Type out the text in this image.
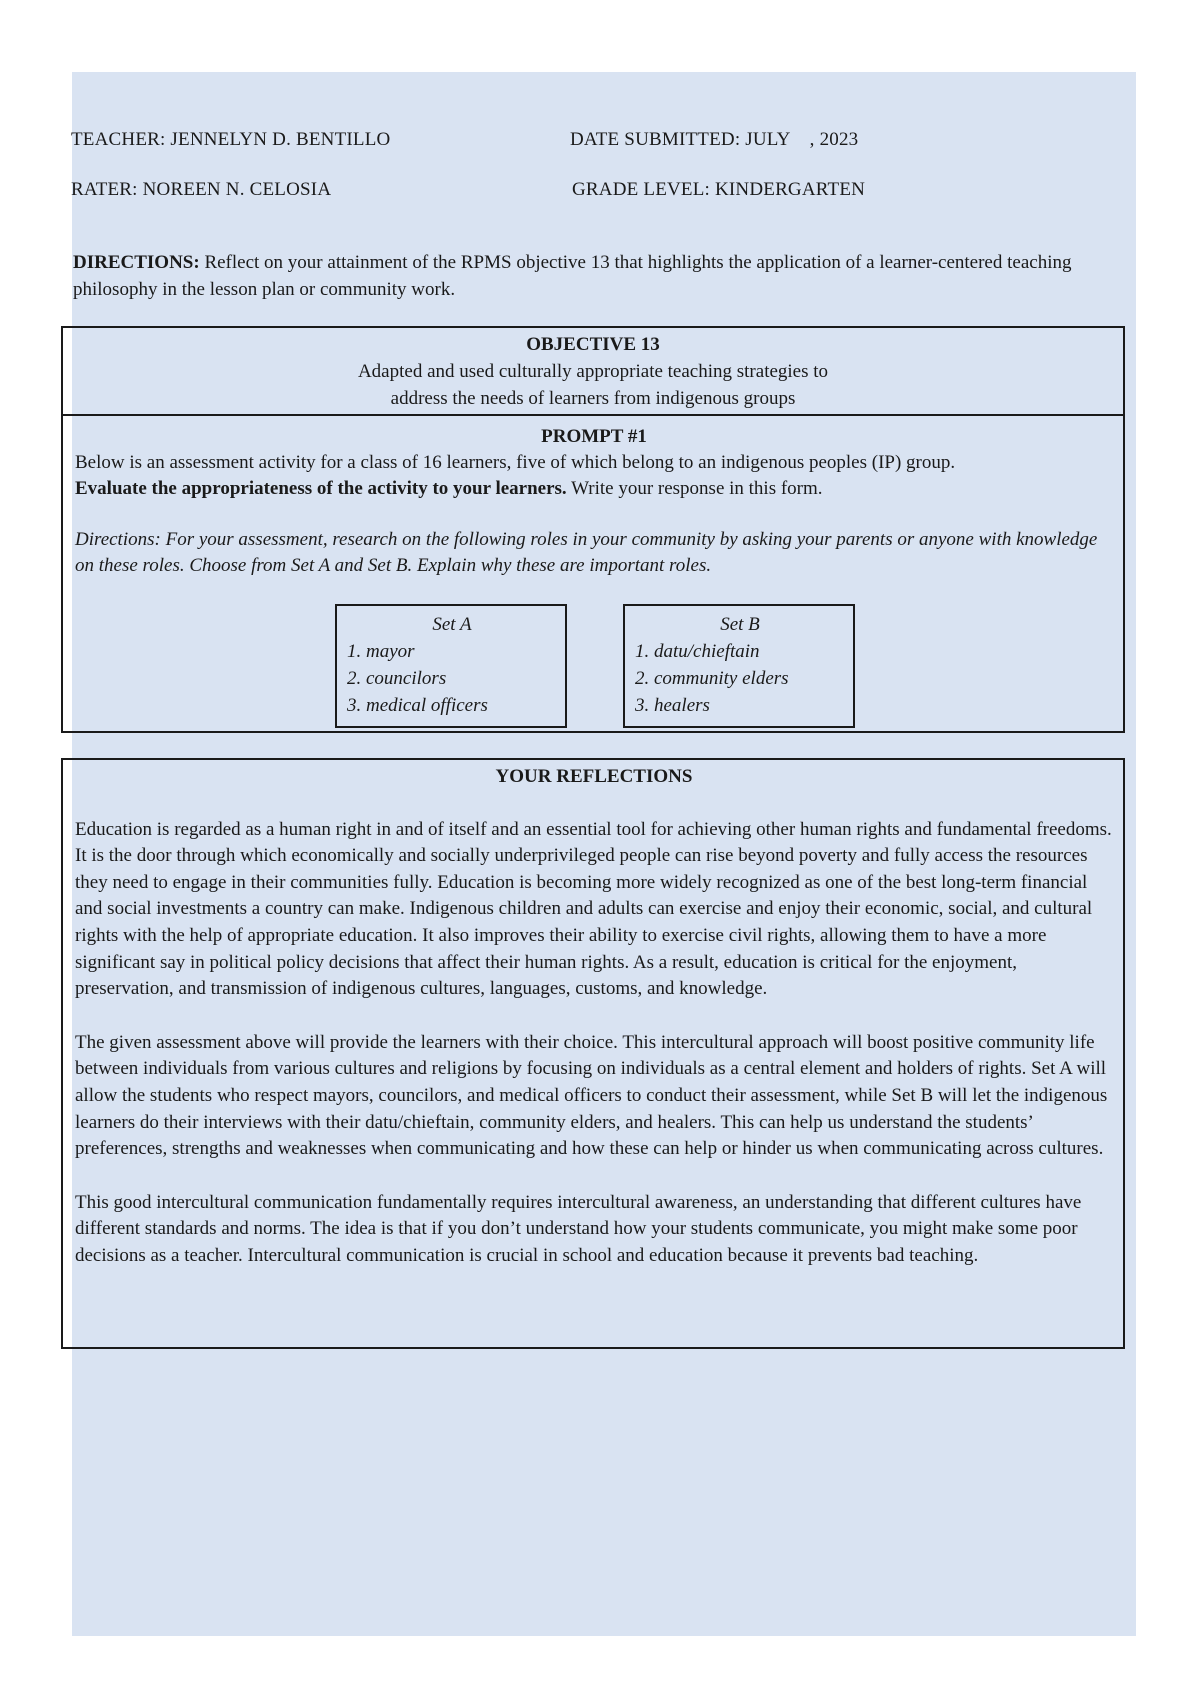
TEACHER: JENNELYN D. BENTILLO	DATE SUBMITTED: JULY    , 2023
RATER: NOREEN N. CELOSIA	GRADE LEVEL: KINDERGARTEN
DIRECTIONS: Reflect on your attainment of the RPMS objective 13 that highlights the application of a learner-centered teaching philosophy in the lesson plan or community work.
OBJECTIVE 13
Adapted and used culturally appropriate teaching strategies to
address the needs of learners from indigenous groups
PROMPT #1
Below is an assessment activity for a class of 16 learners, five of which belong to an indigenous peoples (IP) group.
Evaluate the appropriateness of the activity to your learners. Write your response in this form.
Directions: For your assessment, research on the following roles in your community by asking your parents or anyone with knowledge on these roles. Choose from Set A and Set B. Explain why these are important roles.
Set A
1. mayor
2. councilors
3. medical officers
Set B
1. datu/chieftain
2. community elders
3. healers
YOUR REFLECTIONS

Education is regarded as a human right in and of itself and an essential tool for achieving other human rights and fundamental freedoms. It is the door through which economically and socially underprivileged people can rise beyond poverty and fully access the resources they need to engage in their communities fully. Education is becoming more widely recognized as one of the best long-term financial and social investments a country can make. Indigenous children and adults can exercise and enjoy their economic, social, and cultural rights with the help of appropriate education. It also improves their ability to exercise civil rights, allowing them to have a more significant say in political policy decisions that affect their human rights. As a result, education is critical for the enjoyment, preservation, and transmission of indigenous cultures, languages, customs, and knowledge.

The given assessment above will provide the learners with their choice. This intercultural approach will boost positive community life between individuals from various cultures and religions by focusing on individuals as a central element and holders of rights. Set A will allow the students who respect mayors, councilors, and medical officers to conduct their assessment, while Set B will let the indigenous learners do their interviews with their datu/chieftain, community elders, and healers. This can help us understand the students’ preferences, strengths and weaknesses when communicating and how these can help or hinder us when communicating across cultures.

This good intercultural communication fundamentally requires intercultural awareness, an understanding that different cultures have different standards and norms. The idea is that if you don’t understand how your students communicate, you might make some poor decisions as a teacher. Intercultural communication is crucial in school and education because it prevents bad teaching.
